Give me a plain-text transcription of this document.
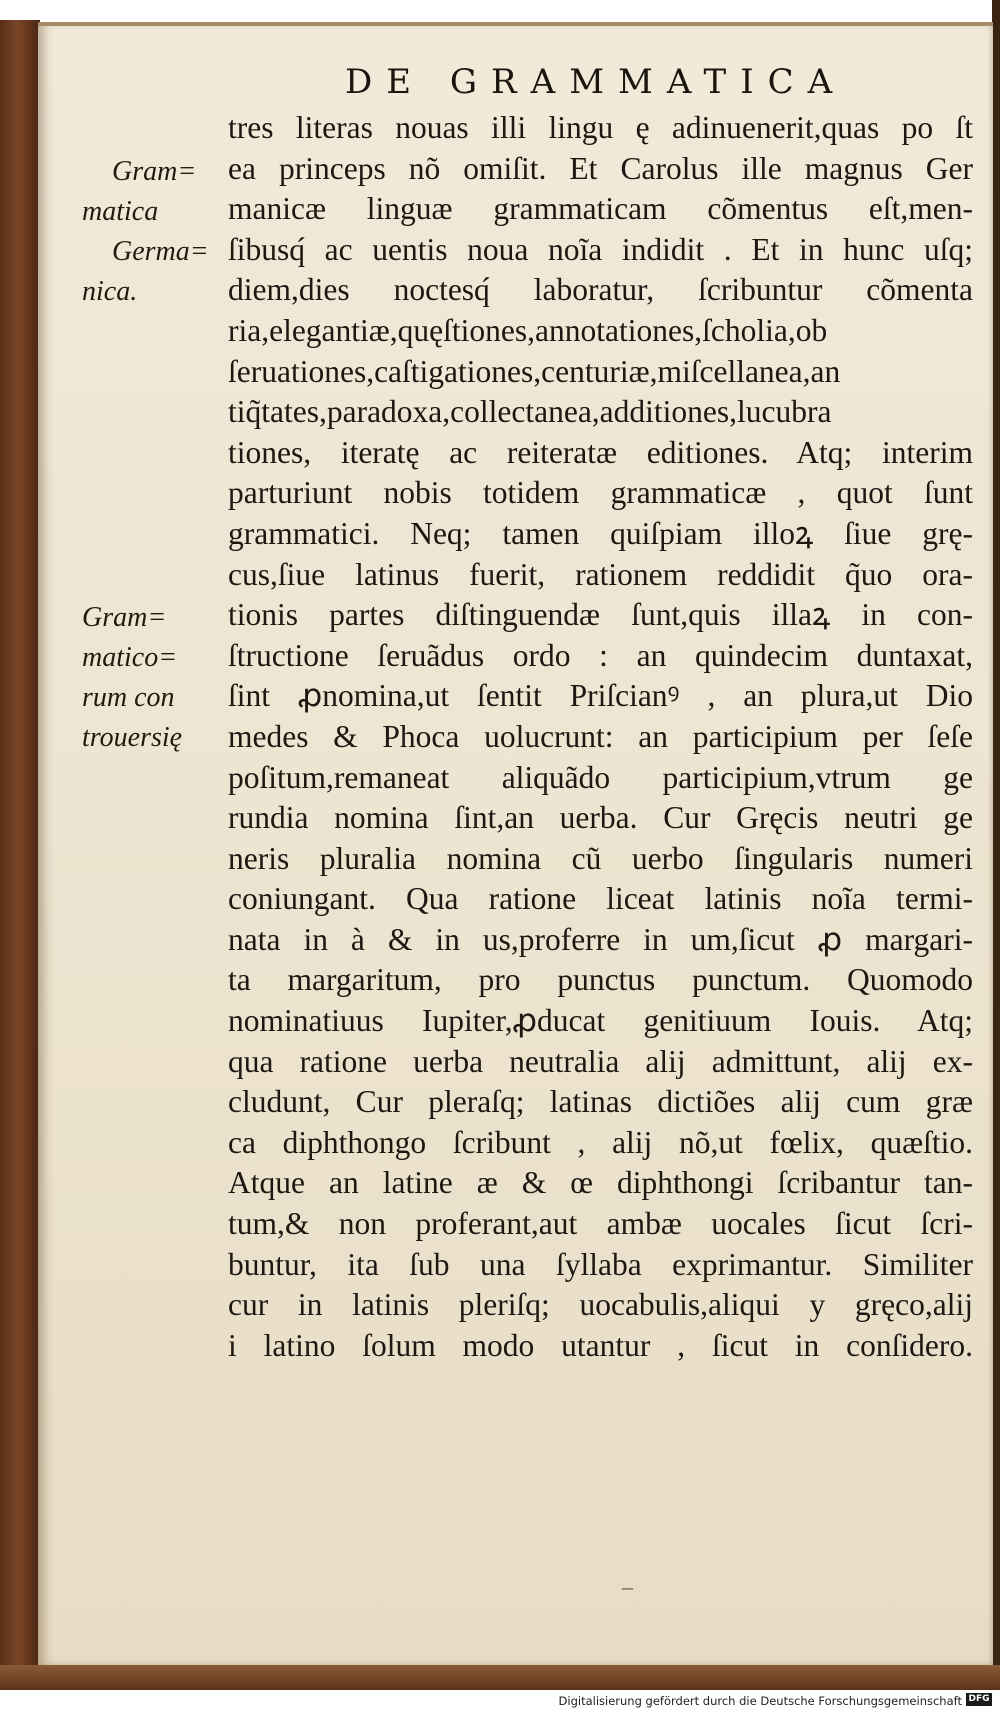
DE GRAMMATICA
Gram=
matica
Germa=
nica.
Gram=
matico=
rum con
trouersię
tres literas nouas illi lingu ę adinuenerit,quas po ſt
ea princeps nõ omiſit. Et Carolus ille magnus Ger
manicæ linguæ grammaticam cõmentus eſt,men-
ſibusq́ ac uentis noua noĩa indidit . Et in hunc uſq;
diem,dies noctesq́ laboratur, ſcribuntur cõmenta
ria,elegantiæ,quęſtiones,annotationes,ſcholia,ob
ſeruationes,caſtigationes,centuriæ,miſcellanea,an
tiq̃tates,paradoxa,collectanea,additiones,lucubra
tiones, iteratę ac reiteratæ editiones. Atq; interim
parturiunt nobis totidem grammaticæ , quot ſunt
grammatici. Neq; tamen quiſpiam illoꝝ ſiue grę-
cus,ſiue latinus fuerit, rationem reddidit q̃uo ora-
tionis partes diſtinguendæ ſunt,quis illaꝝ in con-
ſtructione ſeruãdus ordo : an quindecim duntaxat,
ſint ꝓnomina,ut ſentit Priſcianꝰ , an plura,ut Dio
medes & Phoca uolucrunt: an participium per ſeſe
poſitum,remaneat aliquãdo participium,vtrum ge
rundia nomina ſint,an uerba. Cur Gręcis neutri ge
neris pluralia nomina cũ uerbo ſingularis numeri
coniungant. Qua ratione liceat latinis noĩa termi-
nata in à & in us,proferre in um,ſicut ꝓ margari-
ta margaritum, pro punctus punctum. Quomodo
nominatiuus Iupiter,ꝓducat genitiuum Iouis. Atq;
qua ratione uerba neutralia alij admittunt, alij ex-
cludunt, Cur pleraſq; latinas dictiões alij cum græ
ca diphthongo ſcribunt , alij nõ,ut fœlix, quæſtio.
Atque an latine æ & œ diphthongi ſcribantur tan-
tum,& non proferant,aut ambæ uocales ſicut ſcri-
buntur, ita ſub una ſyllaba exprimantur. Similiter
cur in latinis pleriſq; uocabulis,aliqui y gręco,alij
i latino ſolum modo utantur , ſicut in conſidero.
–
Digitalisierung gefördert durch die Deutsche Forschungsgemeinschaft DFG
